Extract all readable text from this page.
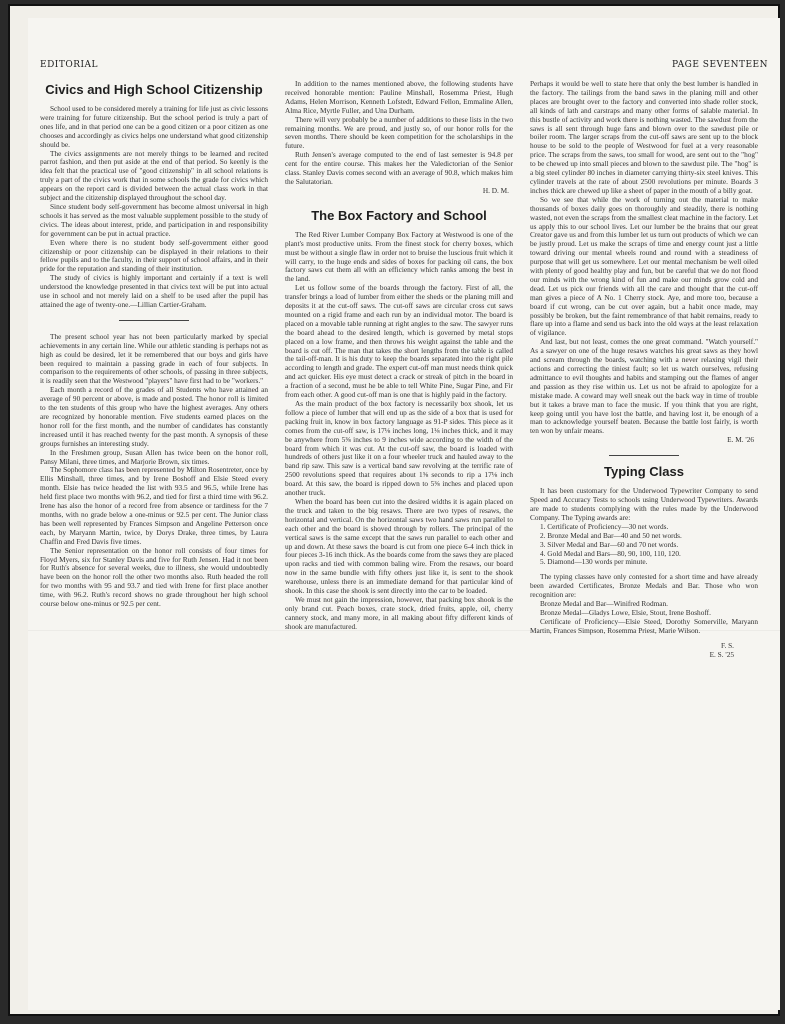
EDITORIAL	PAGE SEVENTEEN
Civics and High School Citizenship

School used to be considered merely a training for life just as civic lessons were training for future citizenship. But the school period is truly a part of ones life, and in that period one can be a good citizen or a poor citizen as one chooses and accordingly as civics helps one understand what good citizenship should be.

The civics assignments are not merely things to be learned and recited parrot fashion, and then put aside at the end of that period. So keenly is the idea felt that the practical use of "good citizenship" in all school relations is truly a part of the civics work that in some schools the grade for civics which appears on the report card is divided between the actual class work in that subject and the citizenship displayed throughout the school day.

Since student body self-government has become almost universal in high schools it has served as the most valuable supplement possible to the study of civics. The ideas about interest, pride, and participation in and responsibility for government can be put in actual practice.

Even where there is no student body self-government either good citizenship or poor citizenship can be displayed in their relations to their fellow pupils and to the faculty, in their support of school affairs, and in their pride for the reputation and standing of their institution.

The study of civics is highly important and certainly if a text is well understood the knowledge presented in that civics text will be put into actual use in school and not merely laid on a shelf to be used after the pupil has attained the age of twenty-one.—Lillian Cartier-Graham.

The present school year has not been particularly marked by special achievements in any certain line. While our athletic standing is perhaps not as high as could be desired, let it be remembered that our boys and girls have been required to maintain a passing grade in each of four subjects. In comparison to the requirements of other schools, of passing in three subjects, it is readily seen that the Westwood "players" have first had to be "workers."

Each month a record of the grades of all Students who have attained an average of 90 percent or above, is made and posted. The honor roll is limited to the ten students of this group who have the highest averages. Any others are recognized by honorable mention. Five students earned places on the honor roll for the first month, and the number of candidates has constantly increased until it has reached twenty for the past month. A synopsis of these groups furnishes an interesting study.

In the Freshmen group, Susan Allen has twice been on the honor roll, Pansy Milani, three times, and Marjorie Brown, six times.

The Sophomore class has been represented by Milton Rosentreter, once by Ellis Minshall, three times, and by Irene Boshoff and Elsie Steed every month. Elsie has twice headed the list with 93.5 and 96.5, while Irene has held first place two months with 96.2, and tied for first a third time with 96.2. Irene has also the honor of a record free from absence or tardiness for the 7 months, with no grade below a one-minus or 92.5 per cent. The Junior class has been well represented by Frances Simpson and Angeline Petterson once each, by Maryann Martin, twice, by Dorys Drake, three times, by Laura Chaffin and Fred Davis five times.

The Senior representation on the honor roll consists of four times for Floyd Myers, six for Stanley Davis and five for Ruth Jensen. Had it not been for Ruth's absence for several weeks, due to illness, she would undoubtedly have been on the honor roll the other two months also. Ruth headed the roll for two months with 95 and 93.7 and tied with Irene for first place another time, with 96.2. Ruth's record shows no grade throughout her high school course below one-minus or 92.5 per cent.

In addition to the names mentioned above, the following students have received honorable mention: Pauline Minshall, Rosemma Priest, Hugh Adams, Helen Morrison, Kenneth Lofstedt, Edward Fellon, Emmaline Allen, Alma Rice, Myrtle Fuller, and Una Durham.

There will very probably be a number of additions to these lists in the two remaining months. We are proud, and justly so, of our honor rolls for the seven months. There should be keen competition for the scholarships in the future.

Ruth Jensen's average computed to the end of last semester is 94.8 per cent for the entire course. This makes her the Valedictorian of the Senior class. Stanley Davis comes second with an average of 90.8, which makes him the Salutatorian.

H. D. M.

The Box Factory and School

The Red River Lumber Company Box Factory at Westwood is one of the plant's most productive units. From the finest stock for cherry boxes, which must be without a single flaw in order not to bruise the luscious fruit which it will carry, to the huge ends and sides of boxes for packing oil cans, the box factory saws cut them all with an efficiency which ranks among the best in the land.

Let us follow some of the boards through the factory. First of all, the transfer brings a load of lumber from either the sheds or the planing mill and deposits it at the cut-off saws. The cut-off saws are circular cross cut saws mounted on a rigid frame and each run by an individual motor. The board is placed on a movable table running at right angles to the saw. The sawyer runs the board ahead to the desired length, which is governed by metal stops placed on a low frame, and then throws his weight against the table and the board is cut off. The man that takes the short lengths from the table is called the tail-off-man. It is his duty to keep the boards separated into the right pile according to length and grade. The expert cut-off man must needs think quick and act quicker. His eye must detect a crack or streak of pitch in the board in a fraction of a second, must he be able to tell White Pine, Sugar Pine, and Fir from each other. A good cut-off man is one that is highly paid in the factory.

As the main product of the box factory is necessarily box shook, let us follow a piece of lumber that will end up as the side of a box that is used for packing fruit in, know in box factory language as 91-P sides. This piece as it comes from the cut-off saw, is 17⅛ inches long, 1⅛ inches thick, and it may be anywhere from 5⅜ inches to 9 inches wide according to the width of the board from which it was cut. At the cut-off saw, the board is loaded with hundreds of others just like it on a four wheeler truck and hauled away to the band rip saw. This saw is a vertical band saw revolving at the terrific rate of 2500 revolutions speed that requires about 1⅝ seconds to rip a 17⅛ inch board. At this saw, the board is ripped down to 5⅜ inches and placed upon another truck.

When the board has been cut into the desired widths it is again placed on the truck and taken to the big resaws. There are two types of resaws, the horizontal and vertical. On the horizontal saws two hand saws run parallel to each other and the board is shoved through by rollers. The principal of the vertical saws is the same except that the saws run parallel to each other and up and down. At these saws the board is cut from one piece 6-4 inch thick in four pieces 3-16 inch thick. As the boards come from the saws they are placed upon racks and tied with common baling wire. From the resaws, our board now in the same bundle with fifty others just like it, is sent to the shook warehouse, unless there is an immediate demand for that particular kind of shook. In this case the shook is sent directly into the car to be loaded.

We must not gain the impression, however, that packing box shook is the only brand cut. Peach boxes, crate stock, dried fruits, apple, oil, cherry cannery stock, and many more, in all making about fifty different kinds of shook are manufactured.

Perhaps it would be well to state here that only the best lumber is handled in the factory. The tailings from the band saws in the planing mill and other places are brought over to the factory and converted into shade roller stock, all kinds of lath and carstraps and many other forms of salable material. In this bustle of activity and work there is nothing wasted. The sawdust from the saws is all sent through huge fans and blown over to the sawdust pile or boiler room. The larger scraps from the cut-off saws are sent up to the block house to be sold to the people of Westwood for fuel at a very reasonable price. The scraps from the saws, too small for wood, are sent out to the "hog" to be chewed up into small pieces and blown to the sawdust pile. The "hog" is a big steel cylinder 80 inches in diameter carrying thirty-six steel knives. This cylinder travels at the rate of about 2500 revolutions per minute. Boards 3 inches thick are chewed up like a sheet of paper in the mouth of a billy goat.

So we see that while the work of turning out the material to make thousands of boxes daily goes on thoroughly and steadily, there is nothing wasted, not even the scraps from the smallest cleat machine in the factory. Let us apply this to our school lives. Let our lumber be the brains that our great Creator gave us and from this lumber let us turn out products of which we can be justly proud. Let us make the scraps of time and energy count just a little toward driving our mental wheels round and round with a steadiness of purpose that will get us somewhere. Let our mental mechanism be well oiled with plenty of good healthy play and fun, but be careful that we do not flood our minds with the wrong kind of fun and make our minds grow cold and dead. Let us pick our friends with all the care and thought that the cut-off man gives a piece of A No. 1 Cherry stock. Aye, and more too, because a board if cut wrong, can be cut over again, but a habit once made, may possibly be broken, but the faint remembrance of that habit remains, ready to flare up into a flame and send us back into the old ways at the least relaxation of vigilance.

And last, but not least, comes the one great command. "Watch yourself." As a sawyer on one of the huge resaws watches his great saws as they howl and scream through the boards, watching with a never relaxing vigil their actions and correcting the tiniest fault; so let us watch ourselves, refusing admittance to evil thoughts and habits and stamping out the flames of anger and passion as they rise within us. Let us not be afraid to apologize for a mistake made. A coward may well sneak out the back way in time of trouble but it takes a brave man to face the music. If you think that you are right, keep going until you have lost the battle, and having lost it, be enough of a man to acknowledge yourself beaten. Because the battle lost fairly, is worth ten won by unfair means.

E. M. '26

Typing Class

It has been customary for the Underwood Typewriter Company to send Speed and Accuracy Tests to schools using Underwood Typewriters. Awards are made to students complying with the rules made by the Underwood Company. The Typing awards are:

1. Certificate of Proficiency—30 net words.

2. Bronze Medal and Bar—40 and 50 net words.

3. Silver Medal and Bar—60 and 70 net words.

4. Gold Medal and Bars—80, 90, 100, 110, 120.

5. Diamond—130 words per minute.

The typing classes have only contested for a short time and have already been awarded Certificates, Bronze Medals and Bar. Those who won recognition are:

Bronze Medal and Bar—Winifred Rodman.

Bronze Medal—Gladys Lowe, Elsie, Stout, Irene Boshoff.

Certificate of Proficiency—Elsie Steed, Dorothy Somerville, Maryann Martin, Frances Simpson, Rosemma Priest, Marie Wilson.

F. S.

E. S. '25
